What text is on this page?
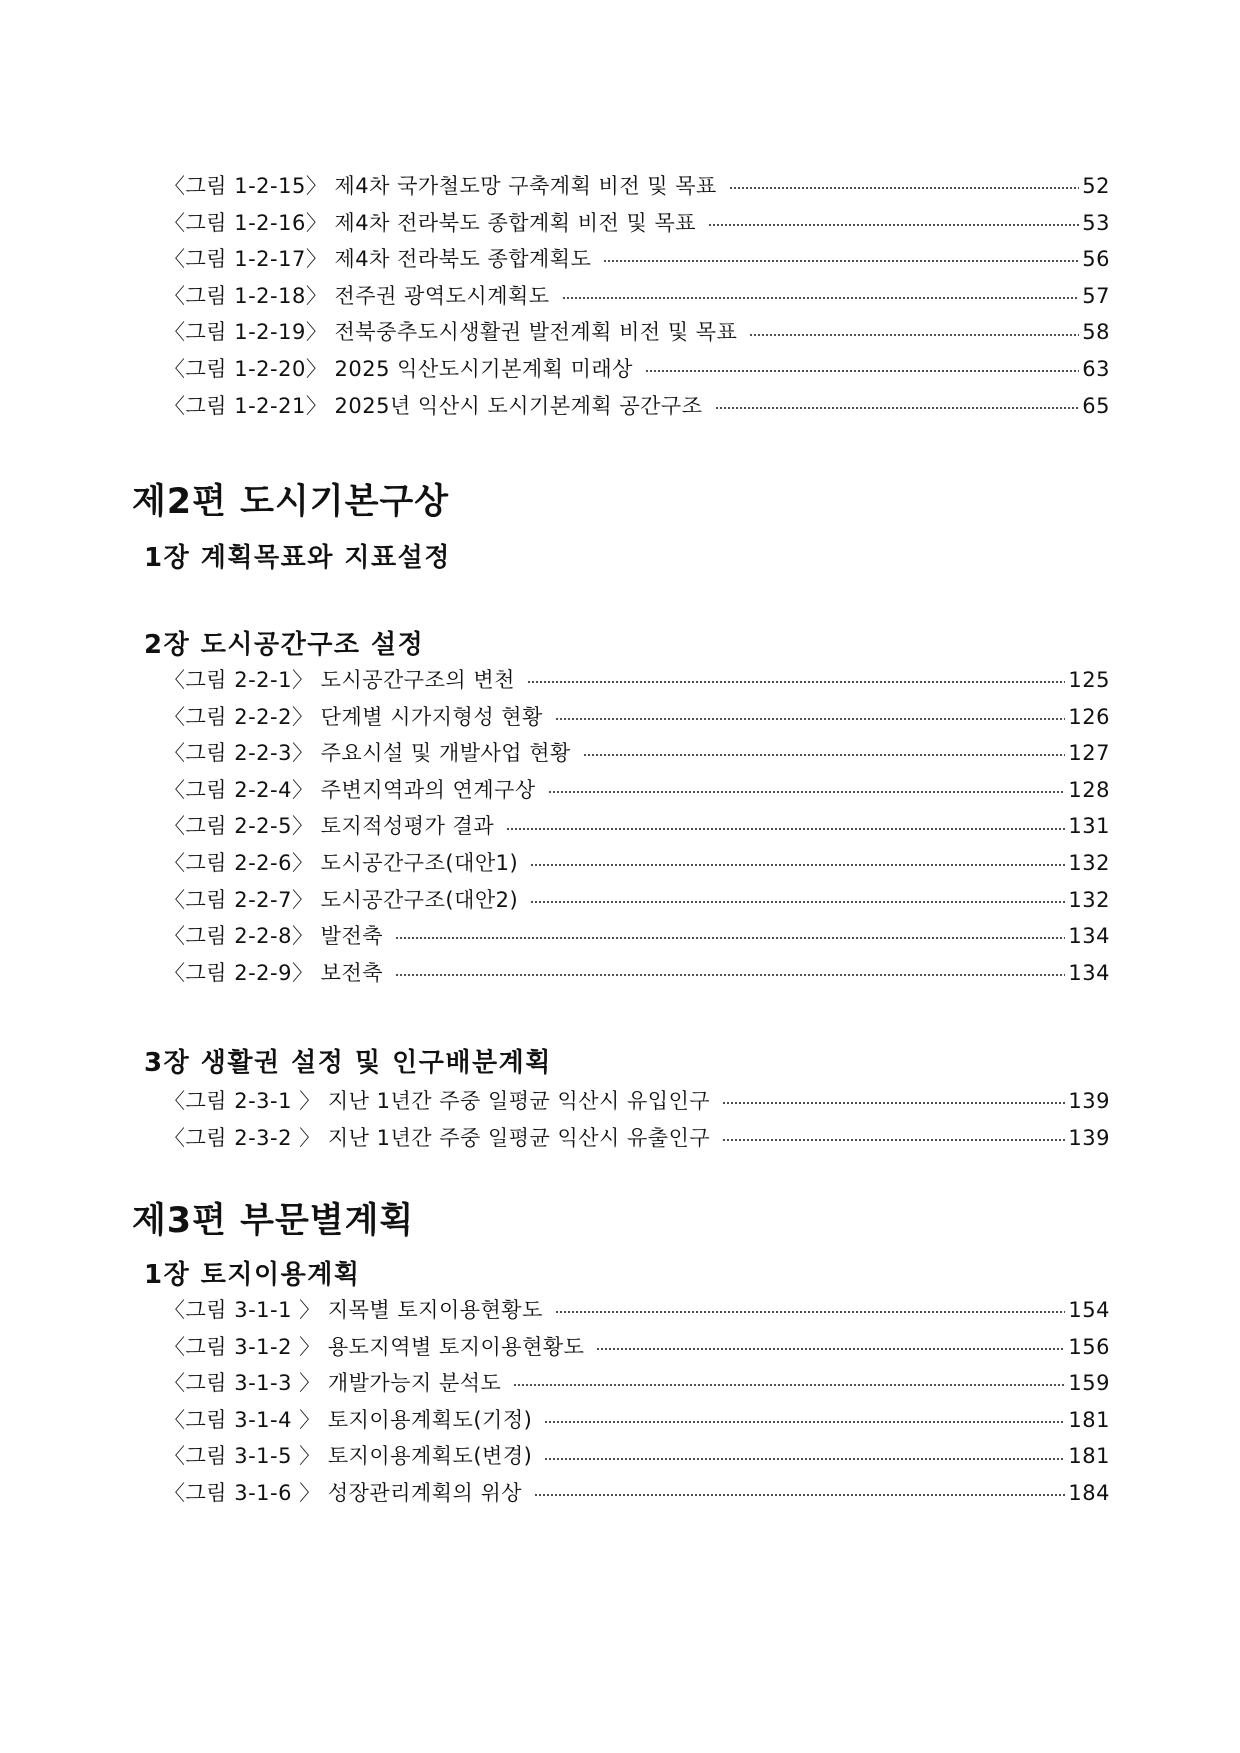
〈그림 1-2-15〉 제4차 국가철도망 구축계획 비전 및 목표	52
〈그림 1-2-16〉 제4차 전라북도 종합계획 비전 및 목표	53
〈그림 1-2-17〉 제4차 전라북도 종합계획도	56
〈그림 1-2-18〉 전주권 광역도시계획도	57
〈그림 1-2-19〉 전북중추도시생활권 발전계획 비전 및 목표	58
〈그림 1-2-20〉 2025 익산도시기본계획 미래상	63
〈그림 1-2-21〉 2025년 익산시 도시기본계획 공간구조	65
제2편 도시기본구상
1장 계획목표와 지표설정
2장 도시공간구조 설정
〈그림 2-2-1〉 도시공간구조의 변천	125
〈그림 2-2-2〉 단계별 시가지형성 현황	126
〈그림 2-2-3〉 주요시설 및 개발사업 현황	127
〈그림 2-2-4〉 주변지역과의 연계구상	128
〈그림 2-2-5〉 토지적성평가 결과	131
〈그림 2-2-6〉 도시공간구조(대안1)	132
〈그림 2-2-7〉 도시공간구조(대안2)	132
〈그림 2-2-8〉 발전축	134
〈그림 2-2-9〉 보전축	134
3장 생활권 설정 및 인구배분계획
〈그림 2-3-1 〉 지난 1년간 주중 일평균 익산시 유입인구	139
〈그림 2-3-2 〉 지난 1년간 주중 일평균 익산시 유출인구	139
제3편 부문별계획
1장 토지이용계획
〈그림 3-1-1 〉 지목별 토지이용현황도	154
〈그림 3-1-2 〉 용도지역별 토지이용현황도	156
〈그림 3-1-3 〉 개발가능지 분석도	159
〈그림 3-1-4 〉 토지이용계획도(기정)	181
〈그림 3-1-5 〉 토지이용계획도(변경)	181
〈그림 3-1-6 〉 성장관리계획의 위상	184
